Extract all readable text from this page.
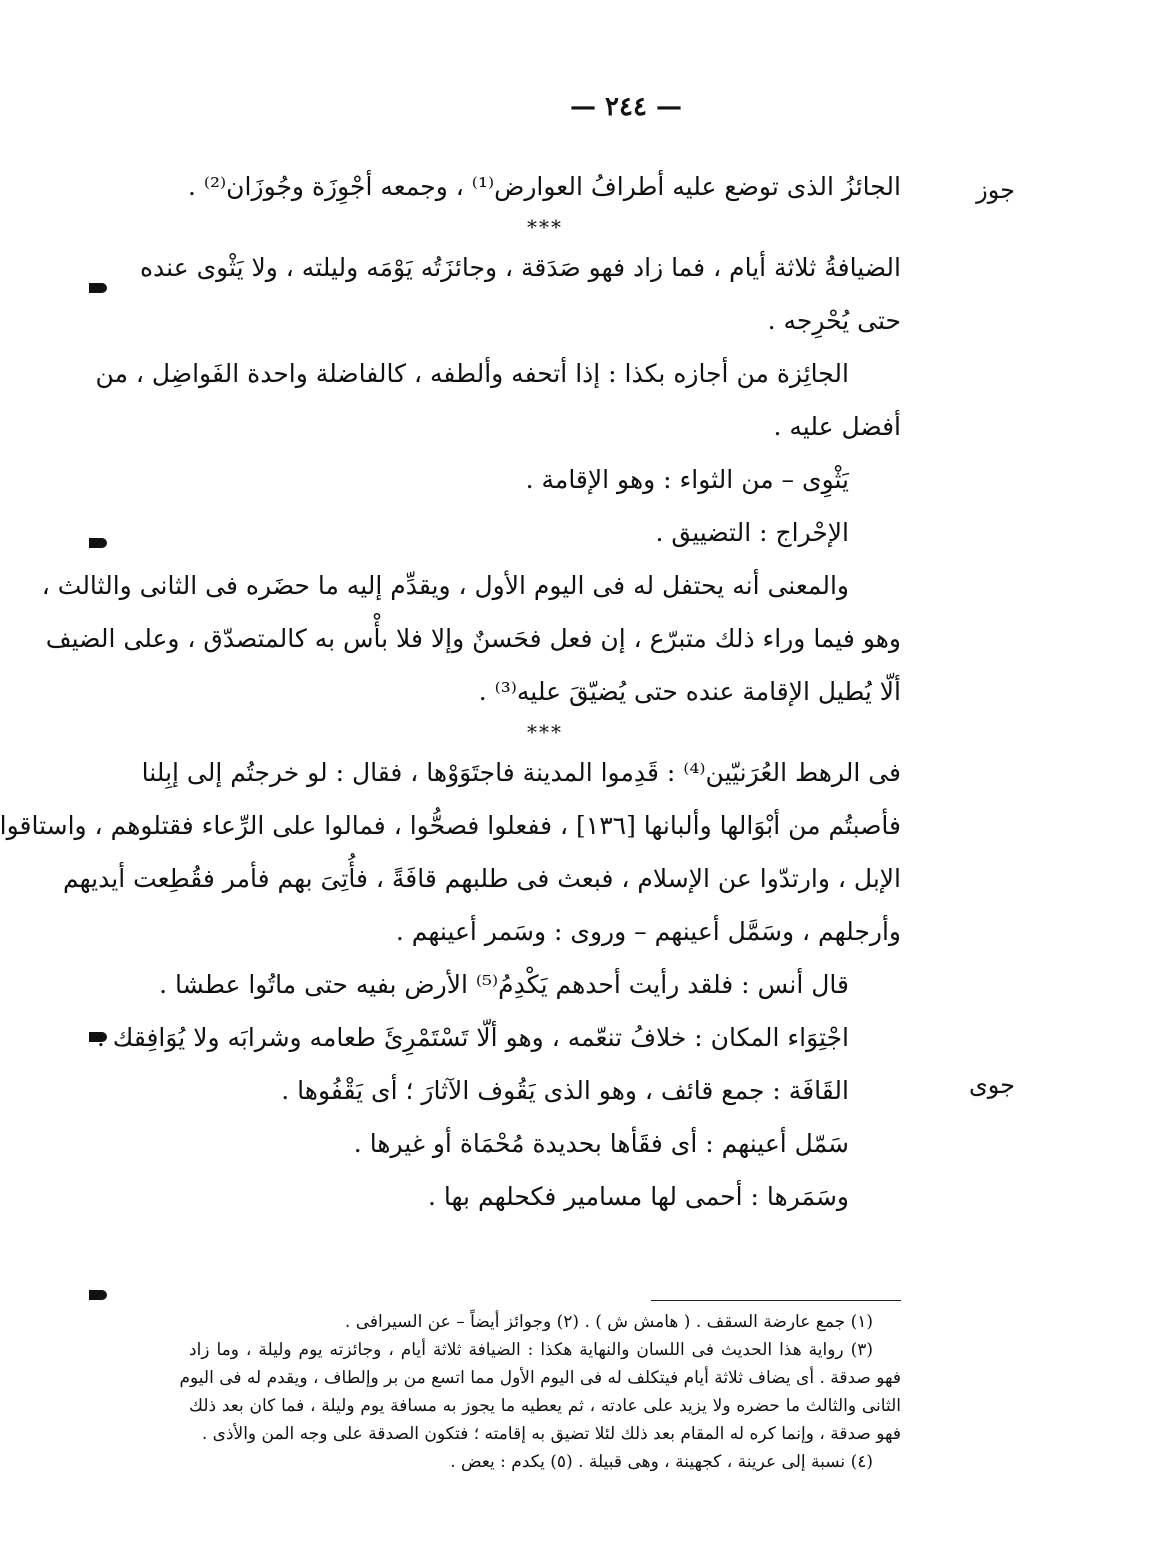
— ٢٤٤ —
جوز
جوى
الجائزُ الذى توضع عليه أطرافُ العوارض⁽¹⁾ ، وجمعه أجْوِزَة وجُوزَان⁽²⁾ .
***
الضيافةُ ثلاثة أيام ، فما زاد فهو صَدَقة ، وجائزَتُه يَوْمَه وليلته ، ولا يَثْوى عنده
حتى يُحْرِجه .
الجائِزة من أجازه بكذا : إذا أتحفه وألطفه ، كالفاضلة واحدة الفَواضِل ، من
أفضل عليه .
يَثْوِى – من الثواء : وهو الإقامة .
الإحْراج : التضييق .
والمعنى أنه يحتفل له فى اليوم الأول ، ويقدِّم إليه ما حضَره فى الثانى والثالث ،
وهو فيما وراء ذلك متبرّع ، إن فعل فحَسنٌ وإلا فلا بأْس به كالمتصدّق ، وعلى الضيف
ألّا يُطيل الإقامة عنده حتى يُضيّقَ عليه⁽³⁾ .
***
فى الرهط العُرَنيّين⁽⁴⁾ : قَدِموا المدينة فاجتَوَوْها ، فقال : لو خرجتُم إلى إبِلنا
فأصبتُم من أبْوَالها وألبانها [١٣٦] ، ففعلوا فصحُّوا ، فمالوا على الرِّعاء فقتلوهم ، واستاقوا
الإبل ، وارتدّوا عن الإسلام ، فبعث فى طلبهم قافَةً ، فأُتِىَ بهم فأمر فقُطِعت أيديهم
وأرجلهم ، وسَمَّل أعينهم – وروى : وسَمر أعينهم .
قال أنس : فلقد رأيت أحدهم يَكْدِمُ⁽⁵⁾ الأرض بفيه حتى ماتُوا عطشا .
اجْتِوَاء المكان : خلافُ تنعّمه ، وهو ألّا تَسْتَمْرِئَ طعامه وشرابَه ولا يُوَافِقك .
القَافَة : جمع قائف ، وهو الذى يَقُوف الآثارَ ؛ أى يَقْفُوها .
سَمّل أعينهم : أى فقَأها بحديدة مُحْمَاة أو غيرها .
وسَمَرها : أحمى لها مسامير فكحلهم بها .
(١) جمع عارضة السقف . ( هامش ش ) . (٢) وجوائز أيضاً – عن السيرافى .
(٣) رواية هذا الحديث فى اللسان والنهاية هكذا : الضيافة ثلاثة أيام ، وجائزته يوم وليلة ، وما زاد
فهو صدقة . أى يضاف ثلاثة أيام فيتكلف له فى اليوم الأول مما اتسع من بر وإلطاف ، ويقدم له فى اليوم
الثانى والثالث ما حضره ولا يزيد على عادته ، ثم يعطيه ما يجوز به مسافة يوم وليلة ، فما كان بعد ذلك
فهو صدقة ، وإنما كره له المقام بعد ذلك لئلا تضيق به إقامته ؛ فتكون الصدقة على وجه المن والأذى .
(٤) نسبة إلى عرينة ، كجهينة ، وهى قبيلة . (٥) يكدم : يعض .
